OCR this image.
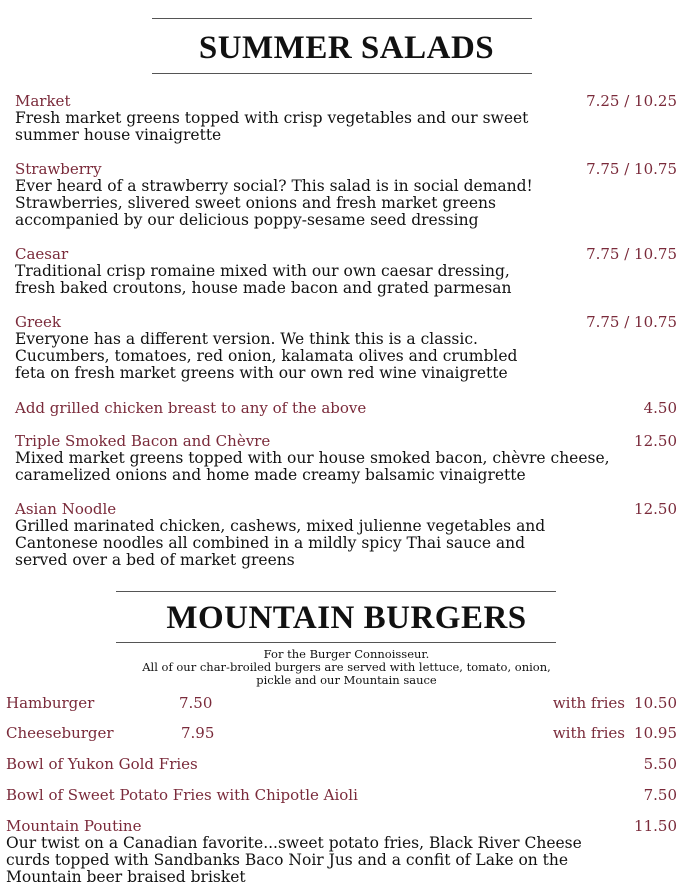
SUMMER SALADS
Market	7.25 / 10.25
Fresh market greens topped with crisp vegetables and our sweet
summer house vinaigrette
Strawberry	7.75 / 10.75
Ever heard of a strawberry social? This salad is in social demand!
Strawberries, slivered sweet onions and fresh market greens
accompanied by our delicious poppy-sesame seed dressing
Caesar	7.75 / 10.75
Traditional crisp romaine mixed with our own caesar dressing,
fresh baked croutons, house made bacon and grated parmesan
Greek	7.75 / 10.75
Everyone has a different version. We think this is a classic.
Cucumbers, tomatoes, red onion, kalamata olives and crumbled
feta on fresh market greens with our own red wine vinaigrette
Add grilled chicken breast to any of the above	4.50
Triple Smoked Bacon and Chèvre	12.50
Mixed market greens topped with our house smoked bacon, chèvre cheese,
caramelized onions and home made creamy balsamic vinaigrette
Asian Noodle	12.50
Grilled marinated chicken, cashews, mixed julienne vegetables and
Cantonese noodles all combined in a mildly spicy Thai sauce and
served over a bed of market greens
MOUNTAIN BURGERS
For the Burger Connoisseur.
All of our char-broiled burgers are served with lettuce, tomato, onion,
pickle and our Mountain sauce
Hamburger	7.50	with fries 10.50
Cheeseburger	7.95	with fries 10.95
Bowl of Yukon Gold Fries	5.50
Bowl of Sweet Potato Fries with Chipotle Aioli	7.50
Mountain Poutine	11.50
Our twist on a Canadian favorite...sweet potato fries, Black River Cheese
curds topped with Sandbanks Baco Noir Jus and a confit of Lake on the
Mountain beer braised brisket
